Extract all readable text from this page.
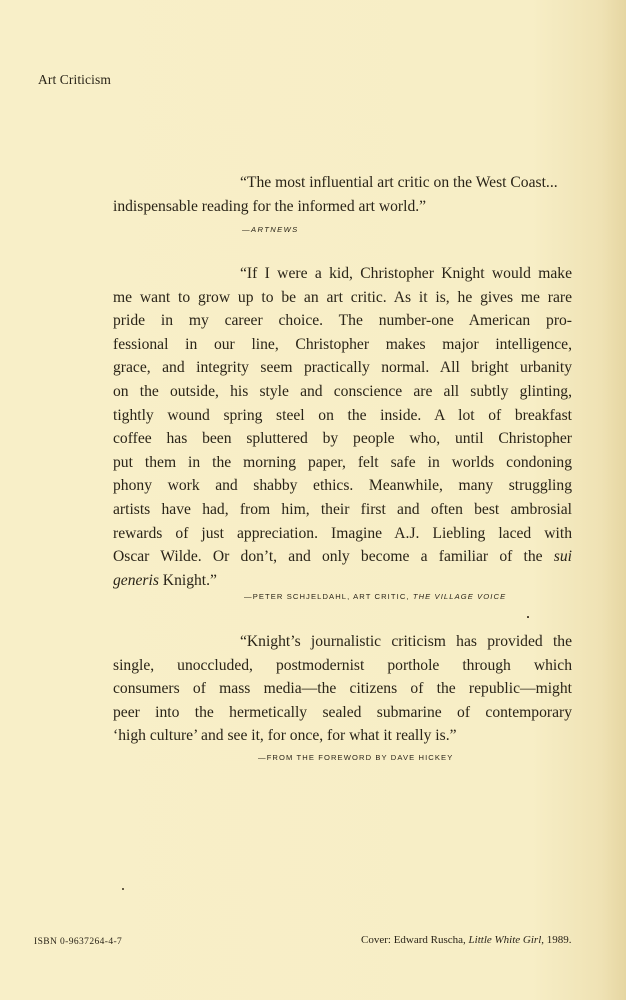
Art Criticism
“The most influential art critic on the West Coast...
indispensable reading for the informed art world.”
—ARTNEWS
“If I were a kid, Christopher Knight would make
me want to grow up to be an art critic. As it is, he gives me rare
pride in my career choice. The number-one American pro-
fessional in our line, Christopher makes major intelligence,
grace, and integrity seem practically normal. All bright urbanity
on the outside, his style and conscience are all subtly glinting,
tightly wound spring steel on the inside. A lot of breakfast
coffee has been spluttered by people who, until Christopher
put them in the morning paper, felt safe in worlds condoning
phony work and shabby ethics. Meanwhile, many struggling
artists have had, from him, their first and often best ambrosial
rewards of just appreciation. Imagine A.J. Liebling laced with
Oscar Wilde. Or don’t, and only become a familiar of the sui
generis Knight.”
—PETER SCHJELDAHL, ART CRITIC, THE VILLAGE VOICE
“Knight’s journalistic criticism has provided the
single, unoccluded, postmodernist porthole through which
consumers of mass media—the citizens of the republic—might
peer into the hermetically sealed submarine of contemporary
‘high culture’ and see it, for once, for what it really is.”
—FROM THE FOREWORD BY DAVE HICKEY
ISBN 0-9637264-4-7	Cover: Edward Ruscha, Little White Girl, 1989.
